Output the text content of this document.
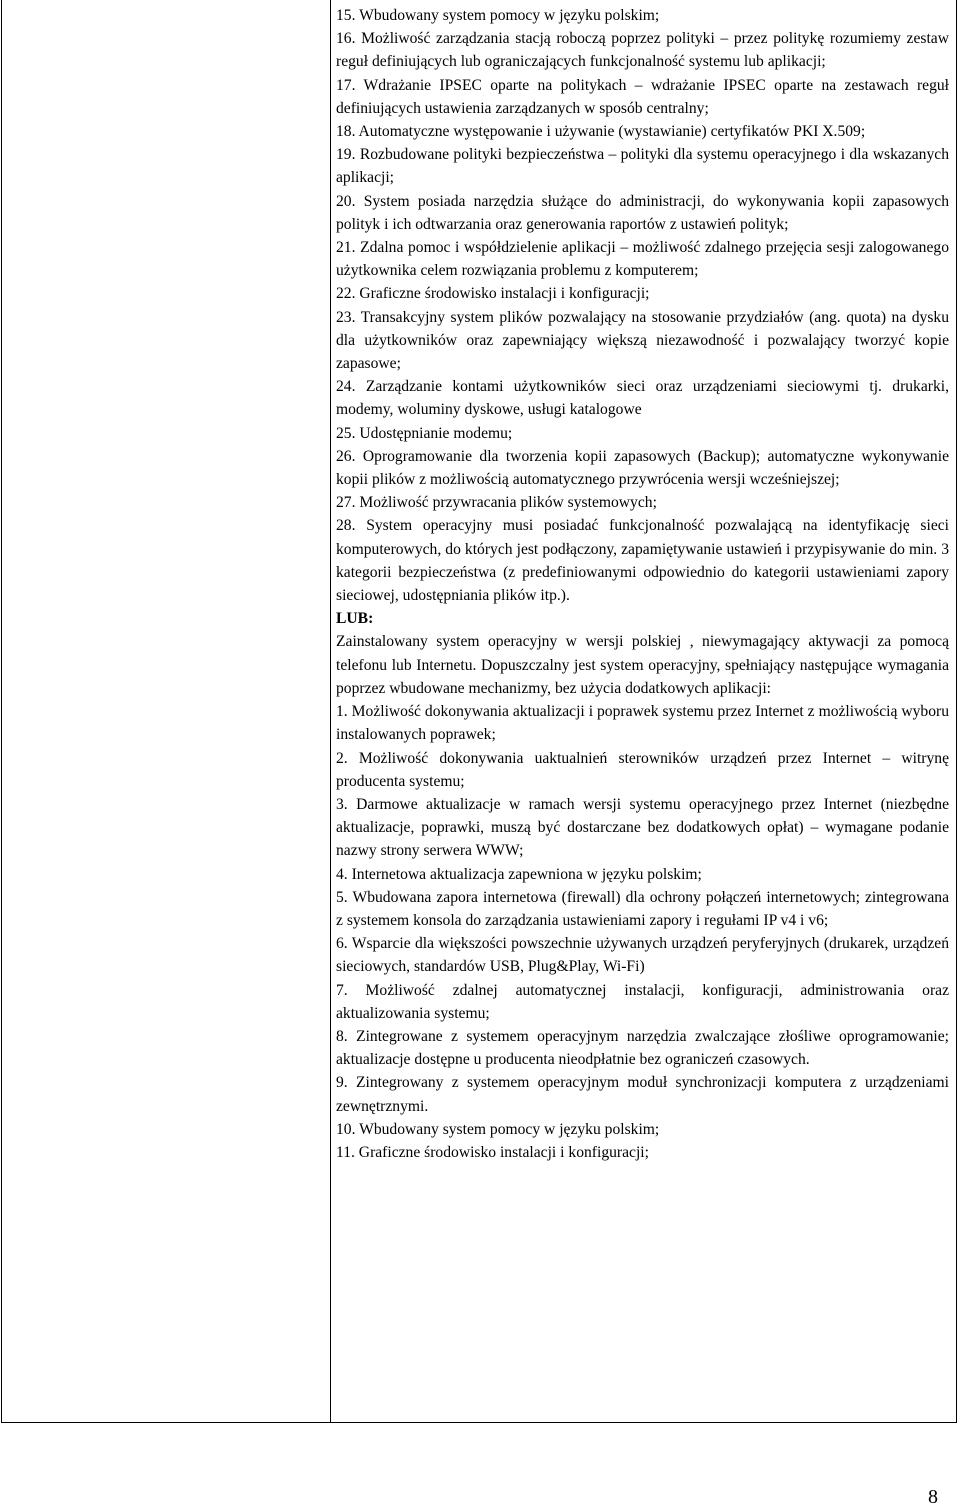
15. Wbudowany system pomocy w języku polskim;

16. Możliwość zarządzania stacją roboczą poprzez polityki – przez politykę rozumiemy zestaw reguł definiujących lub ograniczających funkcjonalność systemu lub aplikacji;

17. Wdrażanie IPSEC oparte na politykach – wdrażanie IPSEC oparte na zestawach reguł definiujących ustawienia zarządzanych w sposób centralny;

18. Automatyczne występowanie i używanie (wystawianie) certyfikatów PKI X.509;

19. Rozbudowane polityki bezpieczeństwa – polityki dla systemu operacyjnego i dla wskazanych aplikacji;

20. System posiada narzędzia służące do administracji, do wykonywania kopii zapasowych polityk i ich odtwarzania oraz generowania raportów z ustawień polityk;

21. Zdalna pomoc i współdzielenie aplikacji – możliwość zdalnego przejęcia sesji zalogowanego użytkownika celem rozwiązania problemu z komputerem;

22. Graficzne środowisko instalacji i konfiguracji;

23. Transakcyjny system plików pozwalający na stosowanie przydziałów (ang. quota) na dysku dla użytkowników oraz zapewniający większą niezawodność i pozwalający tworzyć kopie zapasowe;

24. Zarządzanie kontami użytkowników sieci oraz urządzeniami sieciowymi tj. drukarki, modemy, woluminy dyskowe, usługi katalogowe

25. Udostępnianie modemu;

26. Oprogramowanie dla tworzenia kopii zapasowych (Backup); automatyczne wykonywanie kopii plików z możliwością automatycznego przywrócenia wersji wcześniejszej;

27. Możliwość przywracania plików systemowych;

28. System operacyjny musi posiadać funkcjonalność pozwalającą na identyfikację sieci komputerowych, do których jest podłączony, zapamiętywanie ustawień i przypisywanie do min. 3 kategorii bezpieczeństwa (z predefiniowanymi odpowiednio do kategorii ustawieniami zapory sieciowej, udostępniania plików itp.).

LUB:

Zainstalowany system operacyjny w wersji polskiej , niewymagający aktywacji za pomocą telefonu lub Internetu. Dopuszczalny jest system operacyjny, spełniający następujące wymagania poprzez wbudowane mechanizmy, bez użycia dodatkowych aplikacji:

1. Możliwość dokonywania aktualizacji i poprawek systemu przez Internet z możliwością wyboru instalowanych poprawek;

2. Możliwość dokonywania uaktualnień sterowników urządzeń przez Internet – witrynę producenta systemu;

3. Darmowe aktualizacje w ramach wersji systemu operacyjnego przez Internet (niezbędne aktualizacje, poprawki, muszą być dostarczane bez dodatkowych opłat) – wymagane podanie nazwy strony serwera WWW;

4. Internetowa aktualizacja zapewniona w języku polskim;

5. Wbudowana zapora internetowa (firewall) dla ochrony połączeń internetowych; zintegrowana z systemem konsola do zarządzania ustawieniami zapory i regułami IP v4 i v6;

6. Wsparcie dla większości powszechnie używanych urządzeń peryferyjnych (drukarek, urządzeń sieciowych, standardów USB, Plug&Play, Wi-Fi)

7. Możliwość zdalnej automatycznej instalacji, konfiguracji, administrowania oraz aktualizowania systemu;

8. Zintegrowane z systemem operacyjnym narzędzia zwalczające złośliwe oprogramowanie; aktualizacje dostępne u producenta nieodpłatnie bez ograniczeń czasowych.

9. Zintegrowany z systemem operacyjnym moduł synchronizacji komputera z urządzeniami zewnętrznymi.

10. Wbudowany system pomocy w języku polskim;

11. Graficzne środowisko instalacji i konfiguracji;

8
